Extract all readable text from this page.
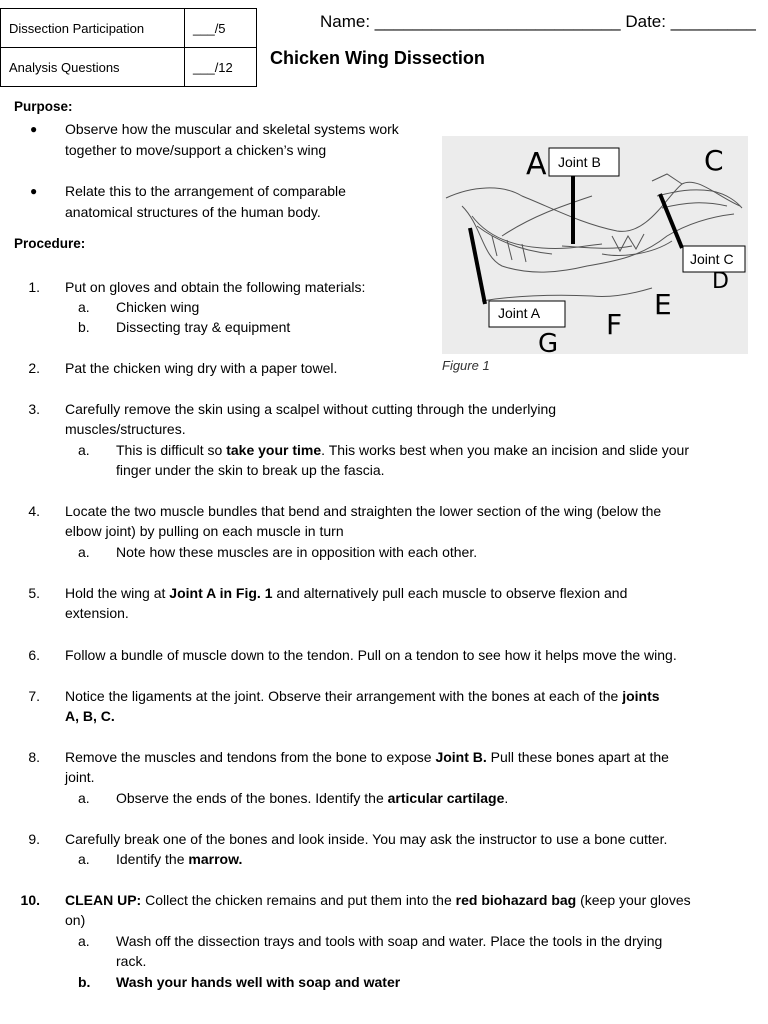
Dissection Participation	___/5
Analysis Questions	___/12
Name: __________________________ Date: _________
Chicken Wing Dissection
Purpose:
● Observe how the muscular and skeletal systems work together to move/support a chicken’s wing
● Relate this to the arrangement of comparable anatomical structures of the human body.
Procedure:
Joint A
Joint B
Joint C
A	C
D
E
F
G
Figure 1
1. Put on gloves and obtain the following materials:
a. Chicken wing
b. Dissecting tray & equipment
2. Pat the chicken wing dry with a paper towel.
3. Carefully remove the skin using a scalpel without cutting through the underlying
muscles/structures.
a. This is difficult so take your time. This works best when you make an incision and slide your
finger under the skin to break up the fascia.
4. Locate the two muscle bundles that bend and straighten the lower section of the wing (below the
elbow joint) by pulling on each muscle in turn
a. Note how these muscles are in opposition with each other.
5. Hold the wing at Joint A in Fig. 1 and alternatively pull each muscle to observe flexion and
extension.
6. Follow a bundle of muscle down to the tendon. Pull on a tendon to see how it helps move the wing.
7. Notice the ligaments at the joint. Observe their arrangement with the bones at each of the joints
A, B, C.
8. Remove the muscles and tendons from the bone to expose Joint B. Pull these bones apart at the
joint.
a. Observe the ends of the bones. Identify the articular cartilage.
9. Carefully break one of the bones and look inside. You may ask the instructor to use a bone cutter.
a. Identify the marrow.
10. CLEAN UP: Collect the chicken remains and put them into the red biohazard bag (keep your gloves
on)
a. Wash off the dissection trays and tools with soap and water. Place the tools in the drying
rack.
b. Wash your hands well with soap and water
